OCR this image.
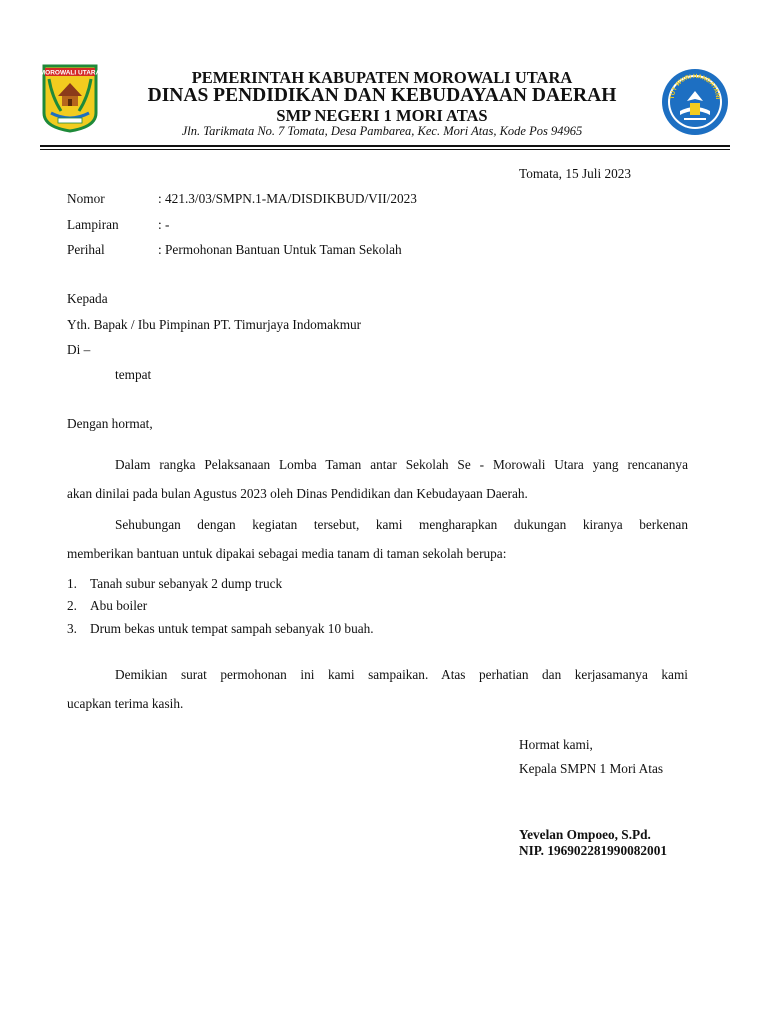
MOROWALI UTARA	PEMERINTAH KABUPATEN MOROWALI UTARA
DINAS PENDIDIKAN DAN KEBUDAYAAN DAERAH
SMP NEGERI 1 MORI ATAS
Jln. Tarikmata No. 7 Tomata, Desa Pambarea, Kec. Mori Atas, Kode Pos 94965
TUT WURI HANDAYANI
Tomata, 15 Juli 2023
Nomor	: 421.3/03/SMPN.1-MA/DISDIKBUD/VII/2023
Lampiran	: -
Perihal	: Permohonan Bantuan Untuk Taman Sekolah
Kepada
Yth. Bapak / Ibu Pimpinan PT. Timurjaya Indomakmur
Di –
tempat
Dengan hormat,
Dalam rangka Pelaksanaan Lomba Taman antar Sekolah Se - Morowali Utara yang rencananya
akan dinilai pada bulan Agustus 2023 oleh Dinas Pendidikan dan Kebudayaan Daerah.
Sehubungan dengan kegiatan tersebut, kami mengharapkan dukungan kiranya berkenan
memberikan bantuan untuk dipakai sebagai media tanam di taman sekolah berupa:
1. Tanah subur sebanyak 2 dump truck
2. Abu boiler
3. Drum bekas untuk tempat sampah sebanyak 10 buah.
Demikian surat permohonan ini kami sampaikan. Atas perhatian dan kerjasamanya kami
ucapkan terima kasih.
Hormat kami,
Kepala SMPN 1 Mori Atas
Yevelan Ompoeo, S.Pd.
NIP. 196902281990082001
